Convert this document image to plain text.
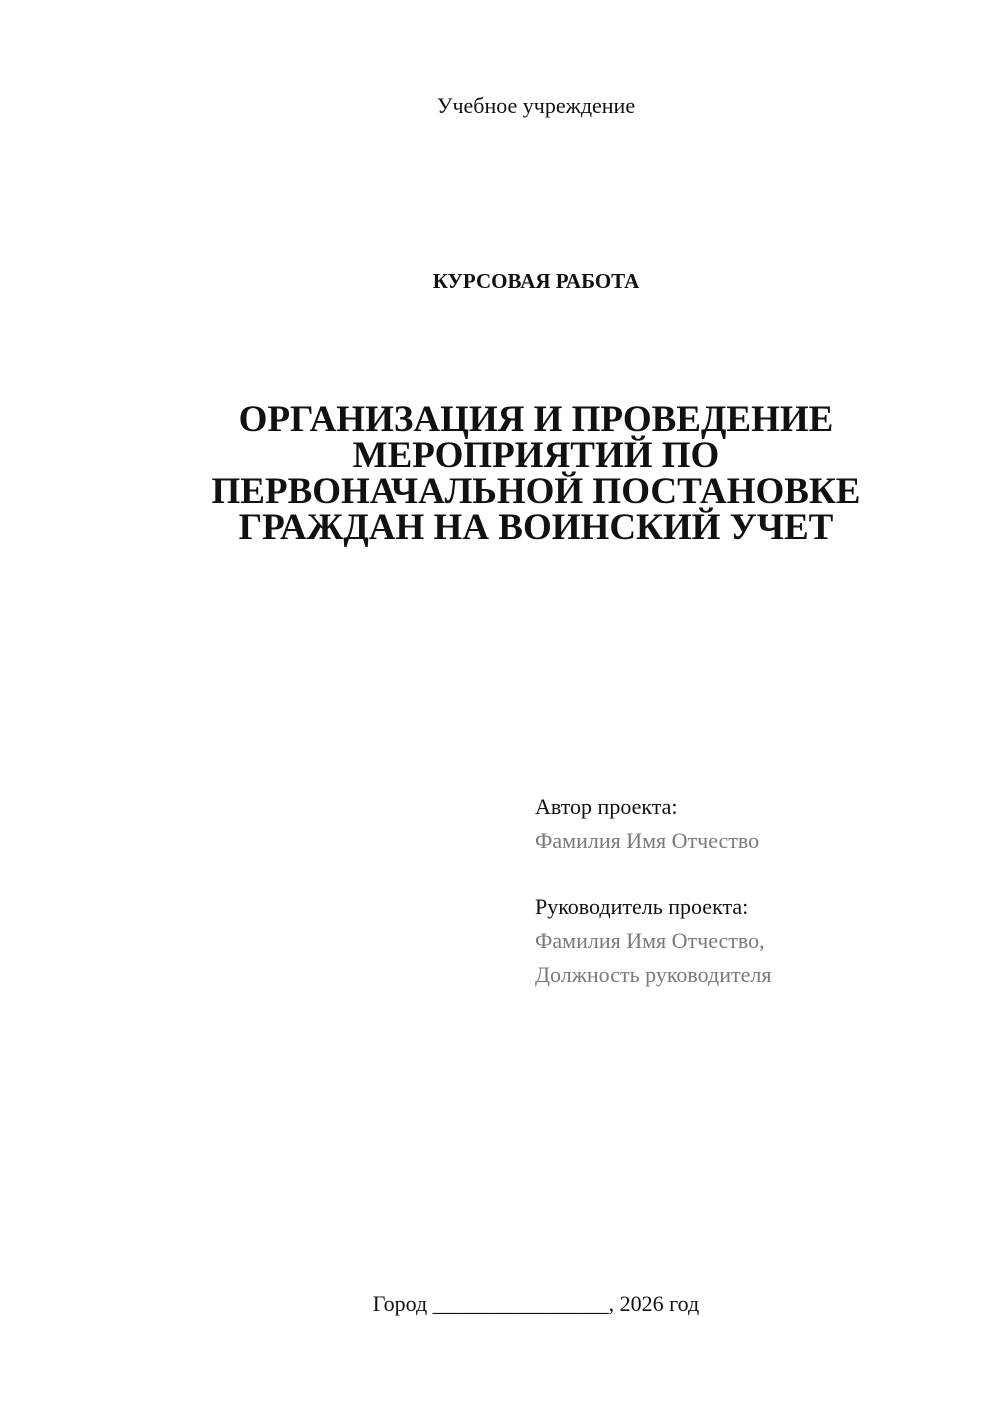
Учебное учреждение
КУРСОВАЯ РАБОТА
ОРГАНИЗАЦИЯ И ПРОВЕДЕНИЕ
МЕРОПРИЯТИЙ ПО
ПЕРВОНАЧАЛЬНОЙ ПОСТАНОВКЕ
ГРАЖДАН НА ВОИНСКИЙ УЧЕТ
Автор проекта:
Фамилия Имя Отчество
Руководитель проекта:
Фамилия Имя Отчество,
Должность руководителя
Город ________________, 2026 год
